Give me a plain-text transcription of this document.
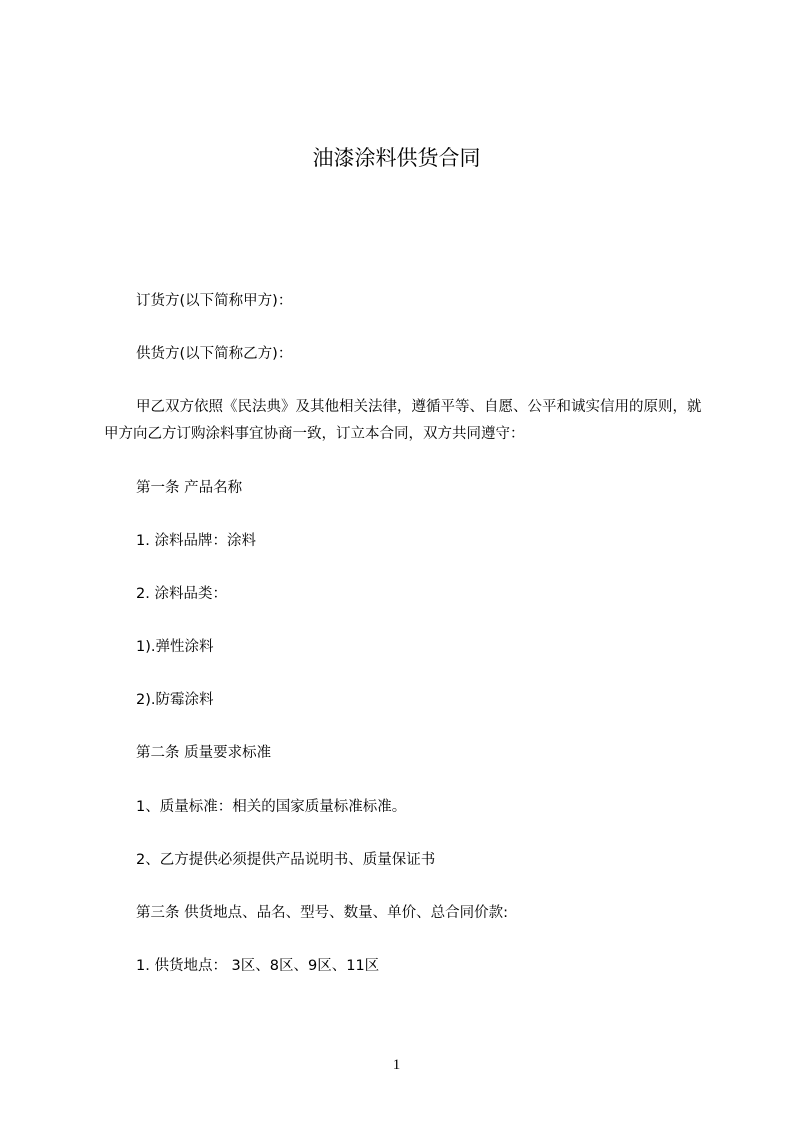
油漆涂料供货合同
订货方(以下简称甲方)：
供货方(以下简称乙方)：
甲乙双方依照《民法典》及其他相关法律，遵循平等、自愿、公平和诚实信用的原则，就甲方向乙方订购涂料事宜协商一致，订立本合同，双方共同遵守：
第一条 产品名称
1. 涂料品牌：涂料
2. 涂料品类：
1).弹性涂料
2).防霉涂料
第二条 质量要求标准
1、质量标准：相关的国家质量标准标准。
2、乙方提供必须提供产品说明书、质量保证书
第三条 供货地点、品名、型号、数量、单价、总合同价款:
1. 供货地点： 3区、8区、9区、11区
1
